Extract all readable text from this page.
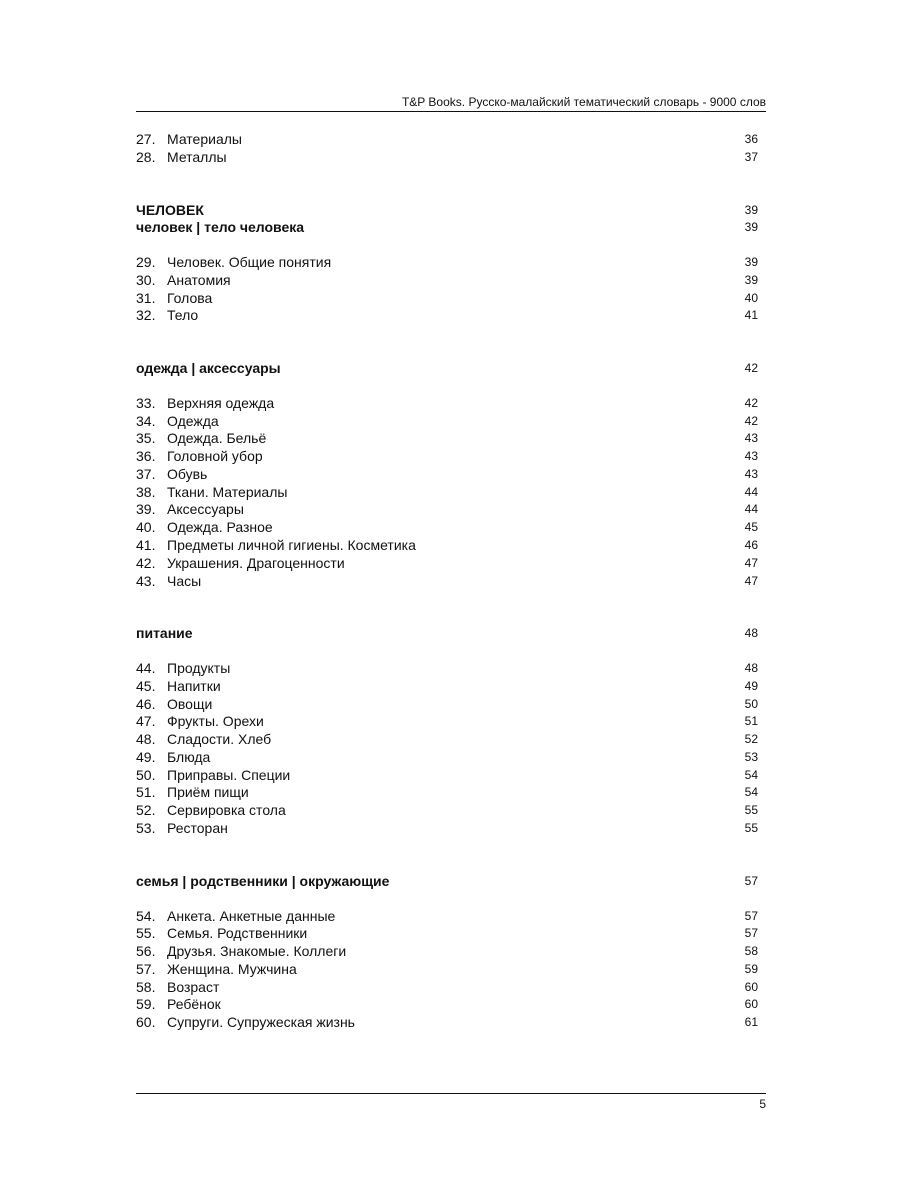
T&P Books. Русско-малайский тематический словарь - 9000 слов
27. Материалы	36
28. Металлы	37
ЧЕЛОВЕК	39
человек | тело человека	39
29. Человек. Общие понятия	39
30. Анатомия	39
31. Голова	40
32. Тело	41
одежда | аксессуары	42
33. Верхняя одежда	42
34. Одежда	42
35. Одежда. Бельё	43
36. Головной убор	43
37. Обувь	43
38. Ткани. Материалы	44
39. Аксессуары	44
40. Одежда. Разное	45
41. Предметы личной гигиены. Косметика	46
42. Украшения. Драгоценности	47
43. Часы	47
питание	48
44. Продукты	48
45. Напитки	49
46. Овощи	50
47. Фрукты. Орехи	51
48. Сладости. Хлеб	52
49. Блюда	53
50. Приправы. Специи	54
51. Приём пищи	54
52. Сервировка стола	55
53. Ресторан	55
семья | родственники | окружающие	57
54. Анкета. Анкетные данные	57
55. Семья. Родственники	57
56. Друзья. Знакомые. Коллеги	58
57. Женщина. Мужчина	59
58. Возраст	60
59. Ребёнок	60
60. Супруги. Супружеская жизнь	61
5
